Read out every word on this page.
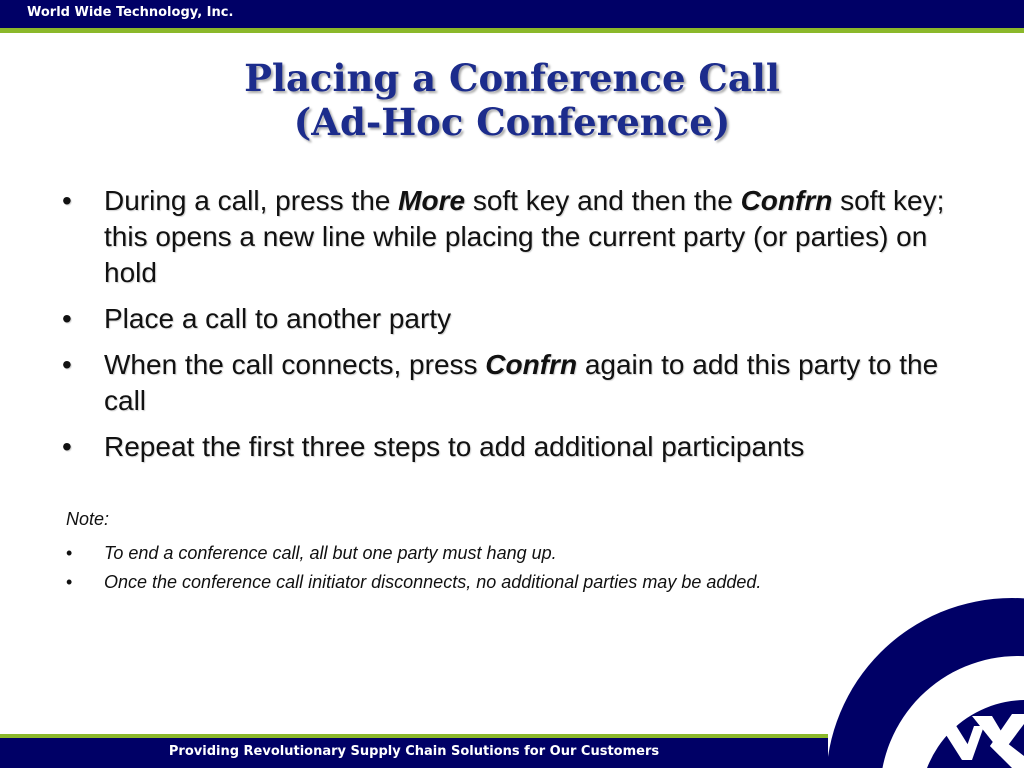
World Wide Technology, Inc.
Placing a Conference Call
(Ad-Hoc Conference)
• During a call, press the More soft key and then the Confrn soft key; this opens a new line while placing the current party (or parties) on hold
• Place a call to another party
• When the call connects, press Confrn again to add this party to the call
• Repeat the first three steps to add additional participants
Note:
• To end a conference call, all but one party must hang up.
• Once the conference call initiator disconnects, no additional parties may be added.
Providing Revolutionary Supply Chain Solutions for Our Customers
